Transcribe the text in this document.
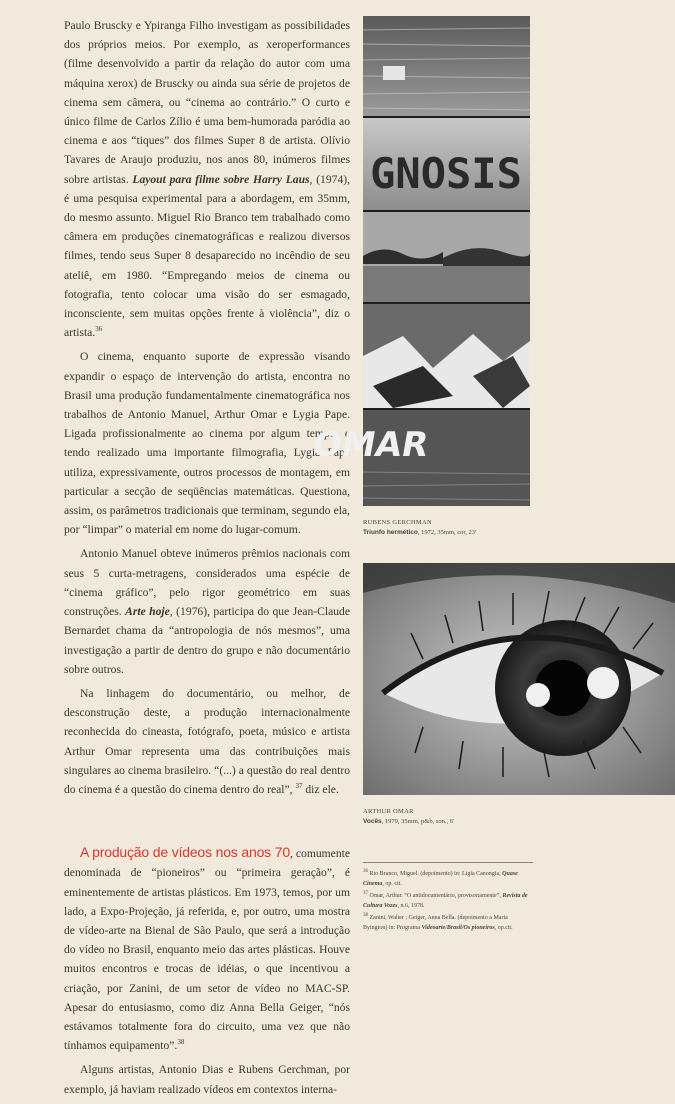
Paulo Bruscky e Ypiranga Filho investigam as possibilidades dos próprios meios. Por exemplo, as xeroperformances (filme desenvolvido a partir da relação do autor com uma máquina xerox) de Bruscky ou ainda sua série de projetos de cinema sem câmera, ou “cinema ao contrário.” O curto e único filme de Carlos Zílio é uma bem-humorada paródia ao cinema e aos “tiques” dos filmes Super 8 de artista. Olívio Tavares de Araujo produziu, nos anos 80, inúmeros filmes sobre artistas. Layout para filme sobre Harry Laus, (1974), é uma pesquisa experimental para a abordagem, em 35mm, do mesmo assunto. Miguel Rio Branco tem trabalhado como câmera em produções cinematográficas e realizou diversos filmes, tendo seus Super 8 desaparecido no incêndio de seu ateliê, em 1980. “Empregando meios de cinema ou fotografia, tento colocar uma visão do ser esmagado, inconsciente, sem muitas opções frente à violência”, diz o artista.$^{36}$

O cinema, enquanto suporte de expressão visando expandir o espaço de intervenção do artista, encontra no Brasil uma produção fundamentalmente cinematográfica nos trabalhos de Antonio Manuel, Arthur Omar e Lygia Pape. Ligada profissionalmente ao cinema por algum tempo, e tendo realizado uma importante filmografia, Lygia Pape utiliza, expressivamente, outros processos de montagem, em particular a secção de seqüências matemáticas. Questiona, assim, os parâmetros tradicionais que terminam, segundo ela, por “limpar” o material em nome do lugar-comum.

Antonio Manuel obteve inúmeros prêmios nacionais com seus 5 curta-metragens, considerados uma espécie de “cinema gráfico”, pelo rigor geométrico em suas construções. Arte hoje, (1976), participa do que Jean-Claude Bernardet chama da “antropologia de nós mesmos”, uma investigação a partir de dentro do grupo e não documentário sobre outros.

Na linhagem do documentário, ou melhor, de desconstrução deste, a produção internacionalmente reconhecida do cineasta, fotógrafo, poeta, músico e artista Arthur Omar representa uma das contribuições mais singulares ao cinema brasileiro. “(...) a questão do real dentro do cinema é a questão do cinema dentro do real”, $^{37}$ diz ele.

A produção de vídeos nos anos 70, comumente denominada de “pioneiros” ou “primeira geração”, é eminentemente de artistas plásticos. Em 1973, temos, por um lado, a Expo-Projeção, já referida, e, por outro, uma mostra de vídeo-arte na Bienal de São Paulo, que será a introdução do vídeo no Brasil, enquanto meio das artes plásticas. Houve muitos encontros e trocas de idéias, o que incentivou a criação, por Zanini, de um setor de vídeo no MAC-SP. Apesar do entusiasmo, como diz Anna Bella Geiger, “nós estávamos totalmente fora do circuito, uma vez que não tínhamos equipamento”.$^{38}$

Alguns artistas, Antonio Dias e Rubens Gerchman, por exemplo, já haviam realizado vídeos em contextos interna-

GNOSIS
OMAR
RUBENS GERCHMAN
Triunfo hermético, 1972, 35mm, cor, 23'
ARTHUR OMAR
Vocês, 1979, 35mm, p&b, son., 6'

$^{36}$ Rio Branco, Miguel. (depoimento) in: Ligia Canongia, Quase Cinema, op. cit.

$^{37}$ Omar, Arthur. “O antidocumentário, provisoriamente”, Revista de Cultura Vozes, n.6, 1978.

$^{38}$ Zanini, Walter ; Geiger, Anna Bella. (depoimento a Maria Byington) in: Programa Videoarte/Brasil/Os pioneiros, op.cit.
